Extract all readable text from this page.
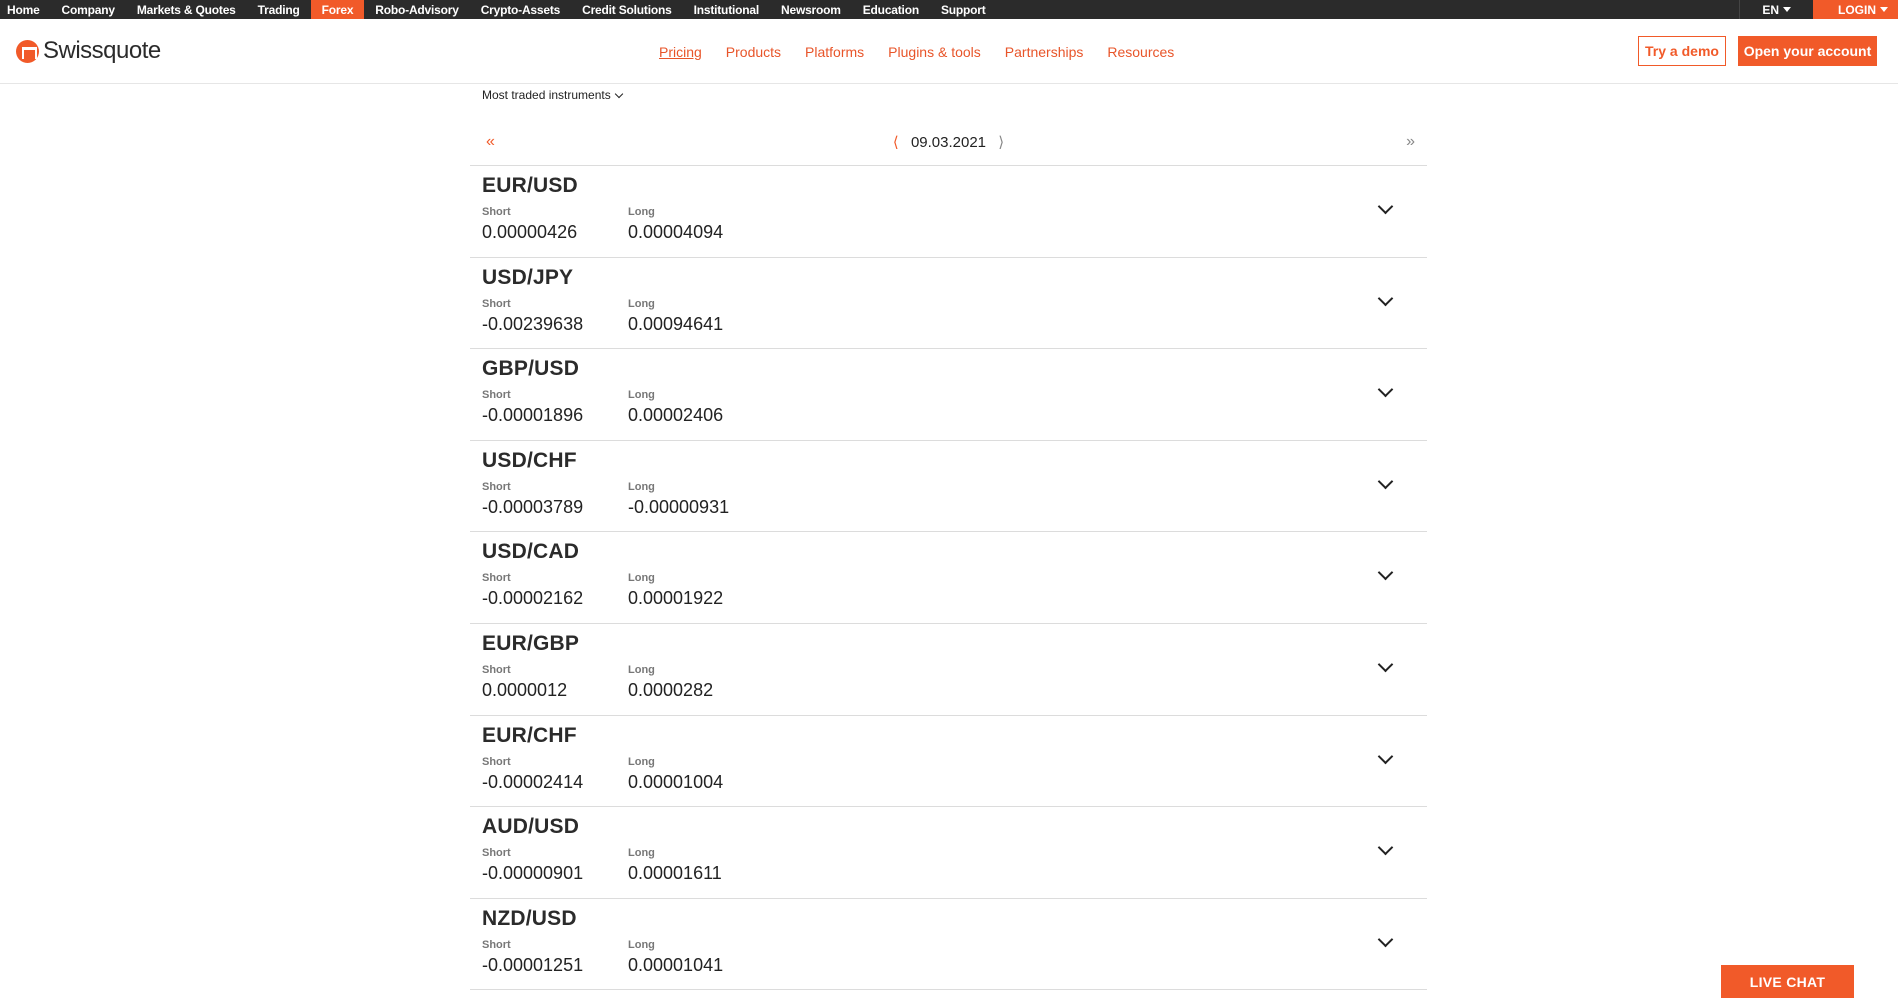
Home	Company	Markets & Quotes	Trading	Forex	Robo-Advisory	Crypto-Assets	Credit Solutions	Institutional	Newsroom	Education	Support	EN	LOGIN
Swissquote	Pricing Products Platforms Plugins & tools Partnerships Resources	Try a demo	Open your account
Most traded instruments
«	⟨ 09.03.2021 ⟩	»
EUR/USD
Short	Long
0.00000426	0.00004094
USD/JPY
Short	Long
-0.00239638 0.00094641
GBP/USD
Short	Long
-0.00001896 0.00002406
USD/CHF
Short	Long
-0.00003789 -0.00000931
USD/CAD
Short	Long
-0.00002162 0.00001922
EUR/GBP
Short	Long
0.0000012	0.0000282
EUR/CHF
Short	Long
-0.00002414 0.00001004
AUD/USD
Short	Long
-0.00000901 0.00001611
NZD/USD
Short	Long
-0.00001251 0.00001041
LIVE CHAT
